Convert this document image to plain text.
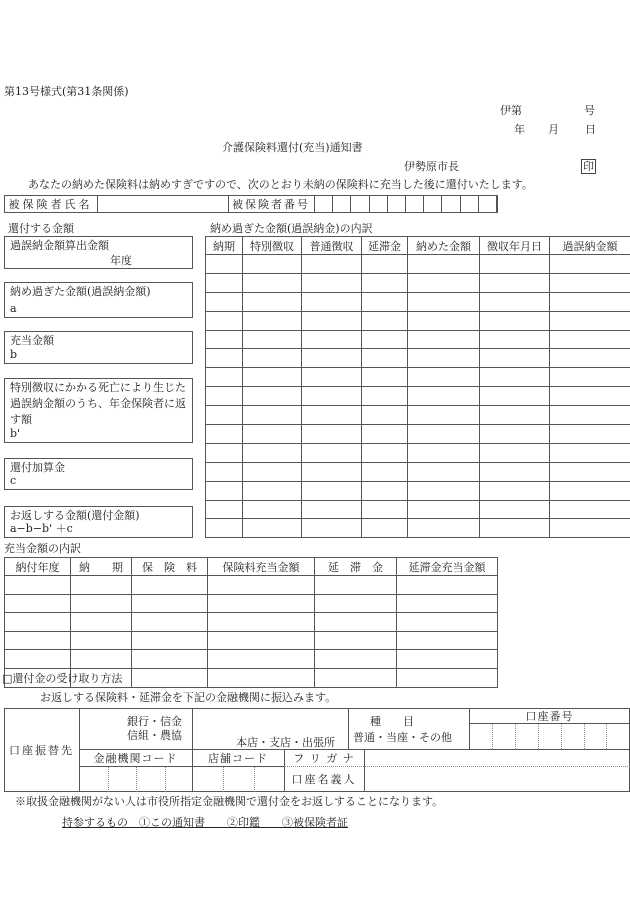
第13号様式(第31条関係)
伊第	号
年 月 日
介護保険料還付(充当)通知書
伊勢原市長	印
あなたの納めた保険料は納めすぎですので、次のとおり未納の保険料に充当した後に還付いたします。
被保険者氏名	被保険者番号
還付する金額
過誤納金額算出金額
年度
納め過ぎた金額(過誤納金額)
a
充当金額
b
特別徴収にかかる死亡により生じた過誤納金額のうち、年金保険者に返す額
b'
還付加算金
c
お返しする金額(還付金額)
a−b−b' ＋c
納め過ぎた金額(過誤納金)の内訳
納期	特別徴収	普通徴収	延滞金	納めた金額	徴収年月日	過誤納金額

充当金額の内訳
納付年度	納　　期	保　険　料	保険料充当金額	延　滞　金	延滞金充当金額

□還付金の受け取り方法
お返しする保険料・延滞金を下記の金融機関に振込みます。
口座振替先
銀行・信金
信組・農協
本店・支店・出張所
種　　目
普通・当座・その他
口座番号
金融機関コード	店舗コード	フ リ ガ ナ
口座名義人
※取扱金融機関がない人は市役所指定金融機関で還付金をお返しすることになります。
持参するもの　①この通知書　　②印鑑　　③被保険者証
